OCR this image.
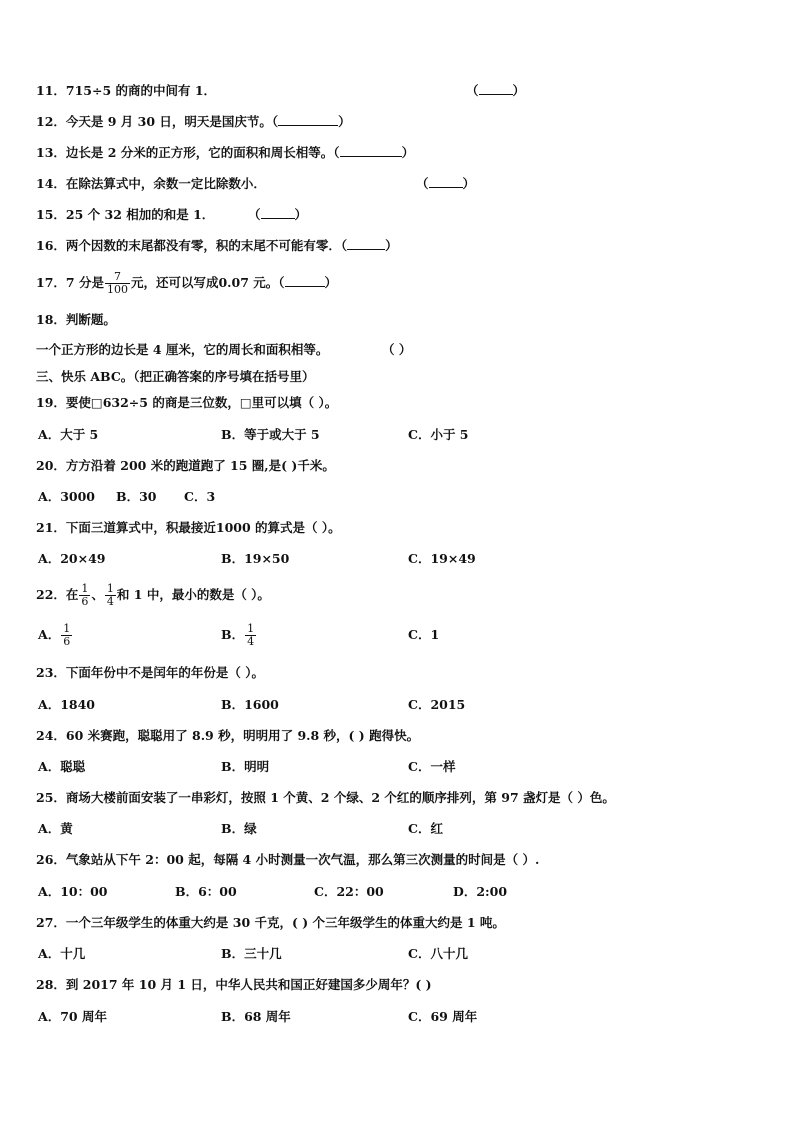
11．715÷5 的商的中间有 1．	（	）
12．今天是 9 月 30 日，明天是国庆节。（	）
13．边长是 2 分米的正方形，它的面积和周长相等。（	）
14．在除法算式中，余数一定比除数小．	（	）
15．25 个 32 相加的和是 1．	（	）
16．两个因数的末尾都没有零，积的末尾不可能有零．（	）
17．7 分是 $\frac{7}{100}$ 元，还可以写成0.07 元。（	）
18．判断题。
一个正方形的边长是 4 厘米，它的周长和面积相等。	（ ）
三、快乐 ABC。（把正确答案的序号填在括号里）
19．要使□632÷5 的商是三位数，□里可以填（ ）。
A．大于 5	B．等于或大于 5	C．小于 5
20．方方沿着 200 米的跑道跑了 15 圈,是( )千米。
A．3000 B．30 C．3
21．下面三道算式中，积最接近1000 的算式是（ ）。
A．20×49	B．19×50	C．19×49
22．在 $\frac{1}{6}$ 、 $\frac{1}{4}$ 和 1 中，最小的数是（ ）。
A． $\frac{1}{6}$	B． $\frac{1}{4}$	C．1
23．下面年份中不是闰年的年份是（ ）。
A．1840	B．1600	C．2015
24．60 米赛跑，聪聪用了 8.9 秒，明明用了 9.8 秒，( ) 跑得快。
A．聪聪	B．明明	C．一样
25．商场大楼前面安装了一串彩灯，按照 1 个黄、2 个绿、2 个红的顺序排列，第 97 盏灯是（ ）色。
A．黄	B．绿	C．红
26．气象站从下午 2：00 起，每隔 4 小时测量一次气温，那么第三次测量的时间是（ ）.
A．10：00	B．6：00	C．22：00	D．2:00
27．一个三年级学生的体重大约是 30 千克，( ) 个三年级学生的体重大约是 1 吨。
A．十几	B．三十几	C．八十几
28．到 2017 年 10 月 1 日，中华人民共和国正好建国多少周年？( )
A．70 周年	B．68 周年	C．69 周年
